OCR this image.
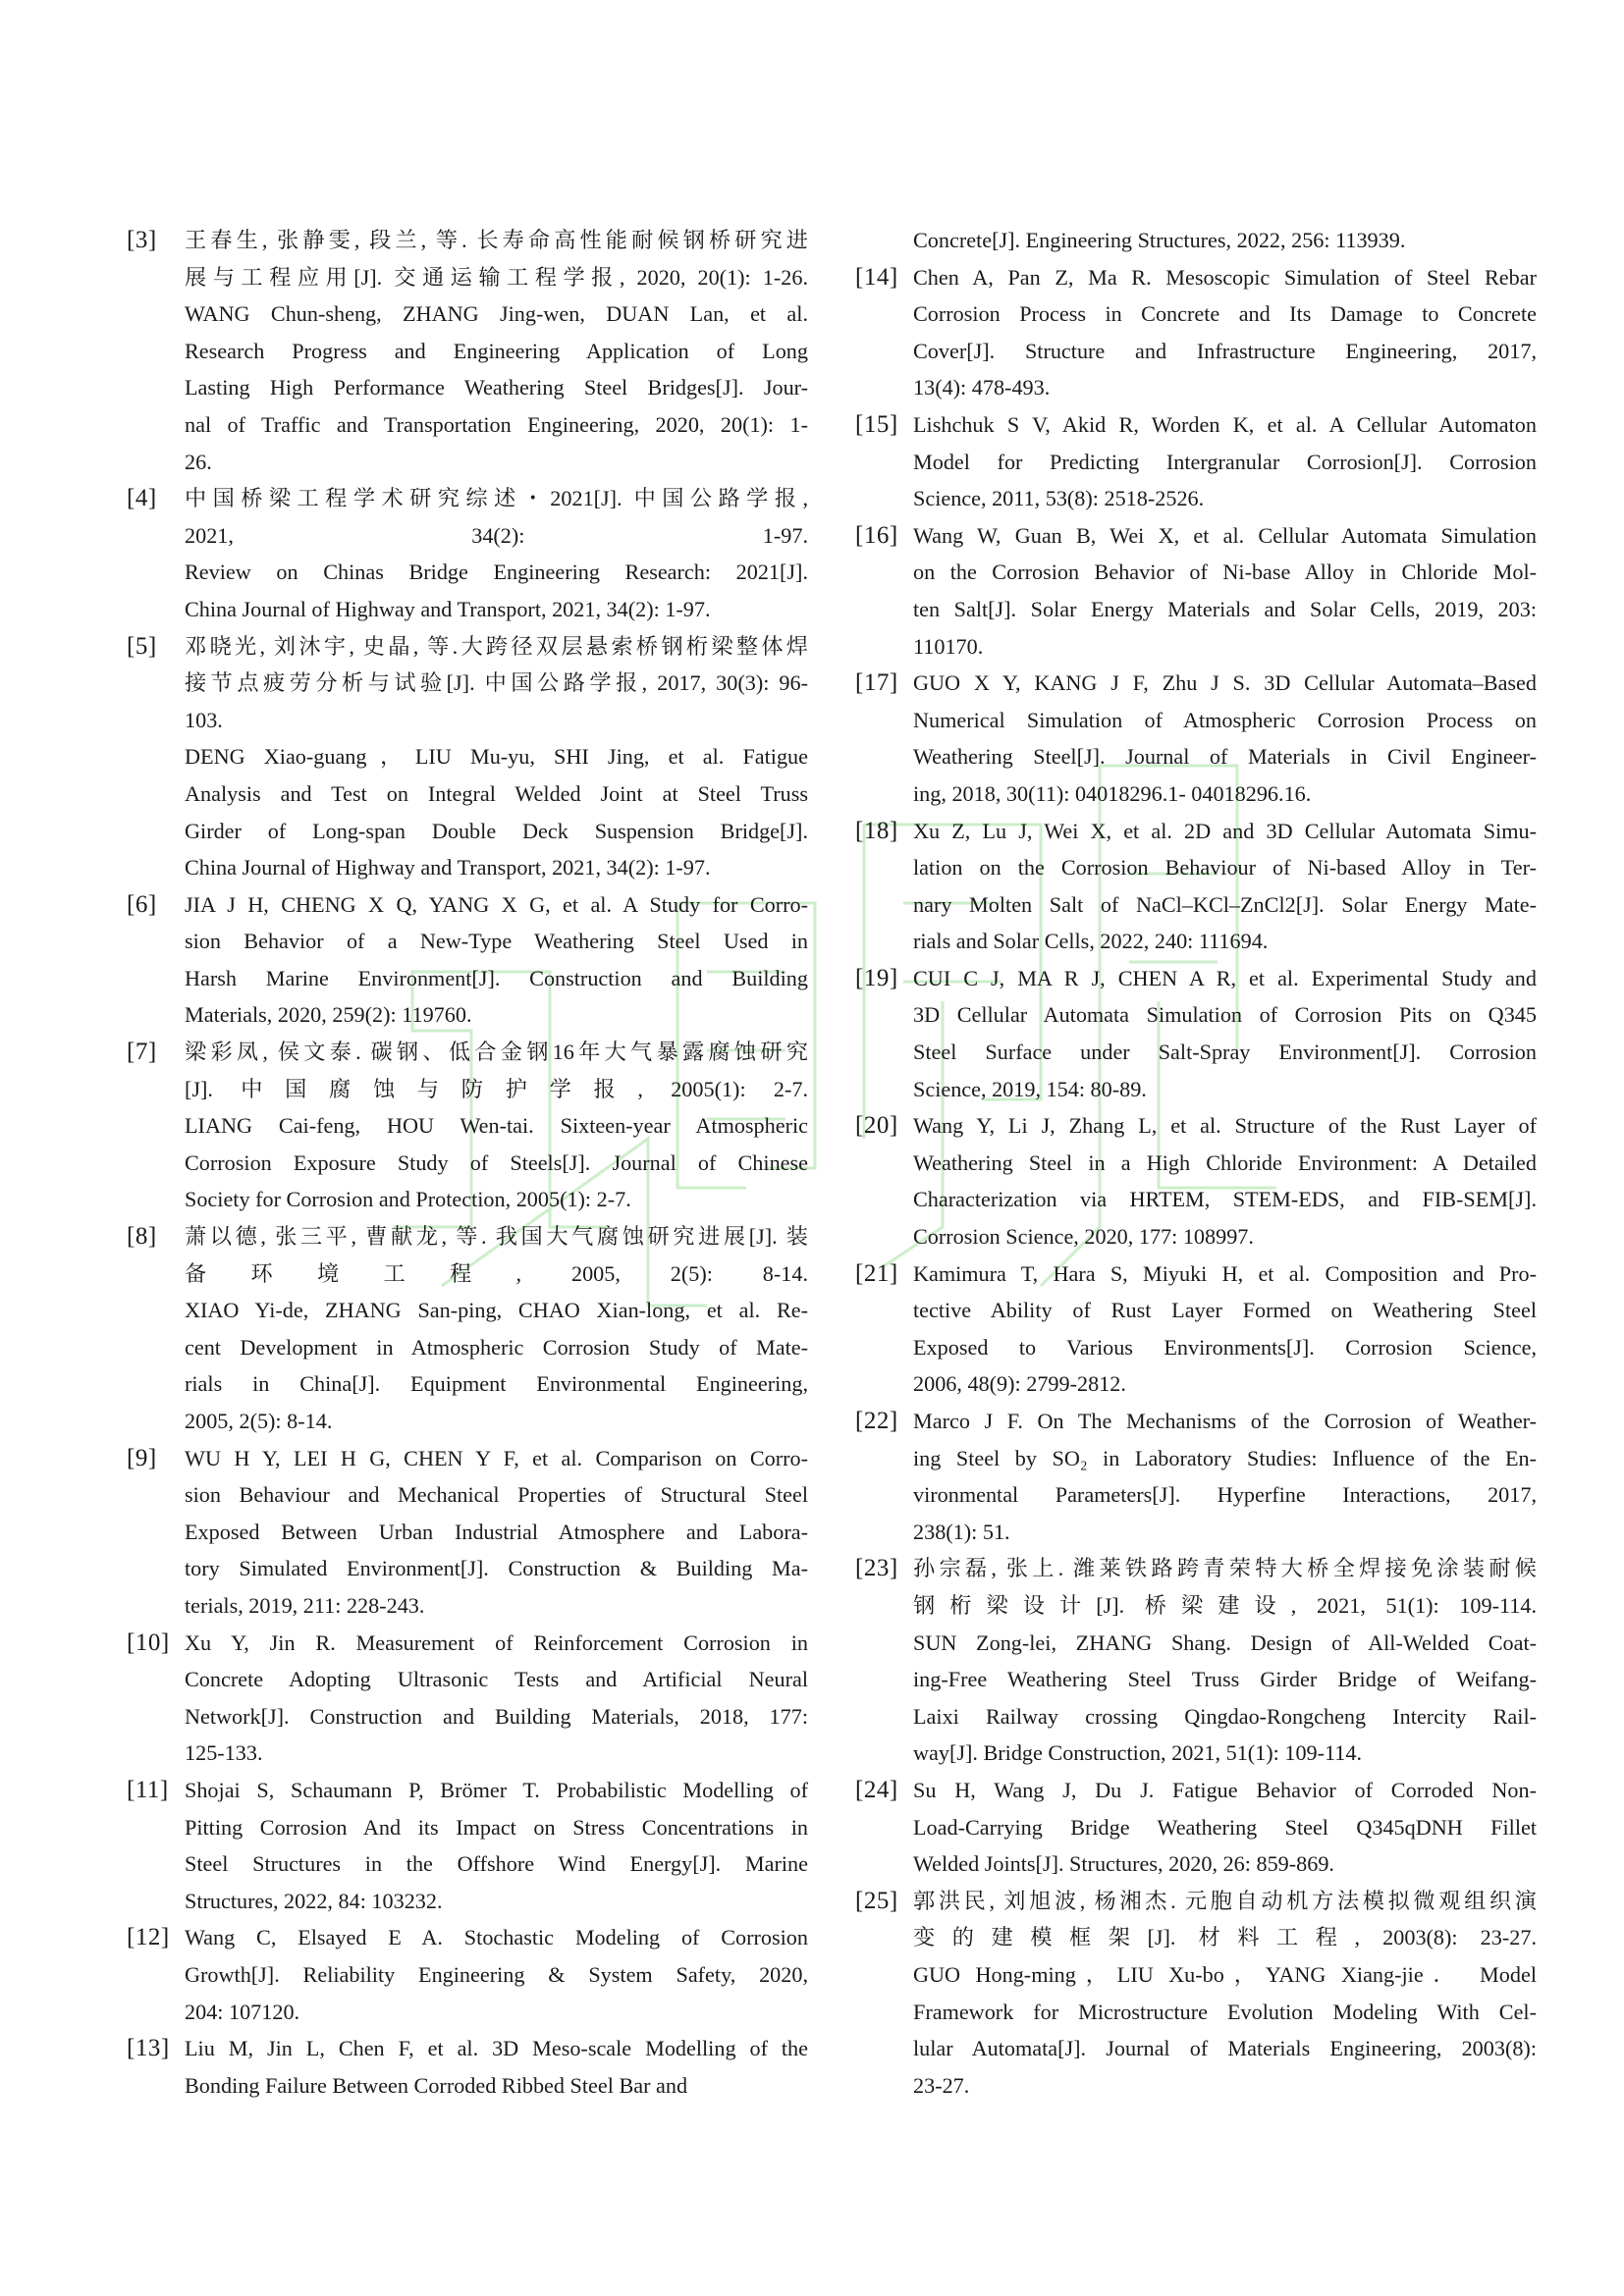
[3]	王春生, 张静雯, 段兰, 等. 长寿命高性能耐候钢桥研究进
展与工程应用[J]. 交通运输工程学报, 2020, 20(1): 1-26.
WANG Chun-sheng, ZHANG Jing-wen, DUAN Lan, et al.
Research Progress and Engineering Application of Long
Lasting High Performance Weathering Steel Bridges[J]. Jour-
nal of Traffic and Transportation Engineering, 2020, 20(1): 1-
26.
[4]	中国桥梁工程学术研究综述・2021[J]. 中国公路学报,
2021, 34(2): 1-97.
Review on Chinas Bridge Engineering Research: 2021[J].
China Journal of Highway and Transport, 2021, 34(2): 1-97.
[5]	邓晓光, 刘沐宇, 史晶, 等.大跨径双层悬索桥钢桁梁整体焊
接节点疲劳分析与试验[J]. 中国公路学报, 2017, 30(3): 96-
103.
DENG Xiao-guang，LIU Mu-yu, SHI Jing, et al. Fatigue
Analysis and Test on Integral Welded Joint at Steel Truss
Girder of Long-span Double Deck Suspension Bridge[J].
China Journal of Highway and Transport, 2021, 34(2): 1-97.
[6]	JIA J H, CHENG X Q, YANG X G, et al. A Study for Corro-
sion Behavior of a New-Type Weathering Steel Used in
Harsh Marine Environment[J]. Construction and Building
Materials, 2020, 259(2): 119760.
[7]	梁彩凤, 侯文泰. 碳钢、低合金钢16年大气暴露腐蚀研究
[J]. 中国腐蚀与防护学报, 2005(1): 2-7.
LIANG Cai-feng, HOU Wen-tai. Sixteen-year Atmospheric
Corrosion Exposure Study of Steels[J]. Journal of Chinese
Society for Corrosion and Protection, 2005(1): 2-7.
[8]	萧以德, 张三平, 曹献龙, 等. 我国大气腐蚀研究进展[J]. 装
备环境工程, 2005, 2(5): 8-14.
XIAO Yi-de, ZHANG San-ping, CHAO Xian-long, et al. Re-
cent Development in Atmospheric Corrosion Study of Mate-
rials in China[J]. Equipment Environmental Engineering,
2005, 2(5): 8-14.
[9]	WU H Y, LEI H G, CHEN Y F, et al. Comparison on Corro-
sion Behaviour and Mechanical Properties of Structural Steel
Exposed Between Urban Industrial Atmosphere and Labora-
tory Simulated Environment[J]. Construction & Building Ma-
terials, 2019, 211: 228-243.
[10] Xu Y, Jin R. Measurement of Reinforcement Corrosion in
Concrete Adopting Ultrasonic Tests and Artificial Neural
Network[J]. Construction and Building Materials, 2018, 177:
125-133.
[11] Shojai S, Schaumann P, Brömer T. Probabilistic Modelling of
Pitting Corrosion And its Impact on Stress Concentrations in
Steel Structures in the Offshore Wind Energy[J]. Marine
Structures, 2022, 84: 103232.
[12] Wang C, Elsayed E A. Stochastic Modeling of Corrosion
Growth[J]. Reliability Engineering & System Safety, 2020,
204: 107120.
[13] Liu M, Jin L, Chen F, et al. 3D Meso-scale Modelling of the
Bonding Failure Between Corroded Ribbed Steel Bar and
Concrete[J]. Engineering Structures, 2022, 256: 113939.
[14] Chen A, Pan Z, Ma R. Mesoscopic Simulation of Steel Rebar
Corrosion Process in Concrete and Its Damage to Concrete
Cover[J]. Structure and Infrastructure Engineering, 2017,
13(4): 478-493.
[15] Lishchuk S V, Akid R, Worden K, et al. A Cellular Automaton
Model for Predicting Intergranular Corrosion[J]. Corrosion
Science, 2011, 53(8): 2518-2526.
[16] Wang W, Guan B, Wei X, et al. Cellular Automata Simulation
on the Corrosion Behavior of Ni-base Alloy in Chloride Mol-
ten Salt[J]. Solar Energy Materials and Solar Cells, 2019, 203:
110170.
[17] GUO X Y, KANG J F, Zhu J S. 3D Cellular Automata–Based
Numerical Simulation of Atmospheric Corrosion Process on
Weathering Steel[J]. Journal of Materials in Civil Engineer-
ing, 2018, 30(11): 04018296.1- 04018296.16.
[18] Xu Z, Lu J, Wei X, et al. 2D and 3D Cellular Automata Simu-
lation on the Corrosion Behaviour of Ni-based Alloy in Ter-
nary Molten Salt of NaCl–KCl–ZnCl2[J]. Solar Energy Mate-
rials and Solar Cells, 2022, 240: 111694.
[19] CUI C J, MA R J, CHEN A R, et al. Experimental Study and
3D Cellular Automata Simulation of Corrosion Pits on Q345
Steel Surface under Salt-Spray Environment[J]. Corrosion
Science, 2019, 154: 80-89.
[20] Wang Y, Li J, Zhang L, et al. Structure of the Rust Layer of
Weathering Steel in a High Chloride Environment: A Detailed
Characterization via HRTEM, STEM-EDS, and FIB-SEM[J].
Corrosion Science, 2020, 177: 108997.
[21] Kamimura T, Hara S, Miyuki H, et al. Composition and Pro-
tective Ability of Rust Layer Formed on Weathering Steel
Exposed to Various Environments[J]. Corrosion Science,
2006, 48(9): 2799-2812.
[22] Marco J F. On The Mechanisms of the Corrosion of Weather-
ing Steel by SO₂ in Laboratory Studies: Influence of the En-
vironmental Parameters[J]. Hyperfine Interactions, 2017,
238(1): 51.
[23] 孙宗磊, 张上. 潍莱铁路跨青荣特大桥全焊接免涂装耐候
钢桁梁设计[J]. 桥梁建设, 2021, 51(1): 109-114.
SUN Zong-lei, ZHANG Shang. Design of All-Welded Coat-
ing-Free Weathering Steel Truss Girder Bridge of Weifang-
Laixi Railway crossing Qingdao-Rongcheng Intercity Rail-
way[J]. Bridge Construction, 2021, 51(1): 109-114.
[24] Su H, Wang J, Du J. Fatigue Behavior of Corroded Non-
Load-Carrying Bridge Weathering Steel Q345qDNH Fillet
Welded Joints[J]. Structures, 2020, 26: 859-869.
[25] 郭洪民, 刘旭波, 杨湘杰. 元胞自动机方法模拟微观组织演
变的建模框架[J]. 材料工程, 2003(8): 23-27.
GUO Hong-ming，LIU Xu-bo，YANG Xiang-jie． Model
Framework for Microstructure Evolution Modeling With Cel-
lular Automata[J]. Journal of Materials Engineering, 2003(8):
23-27.
